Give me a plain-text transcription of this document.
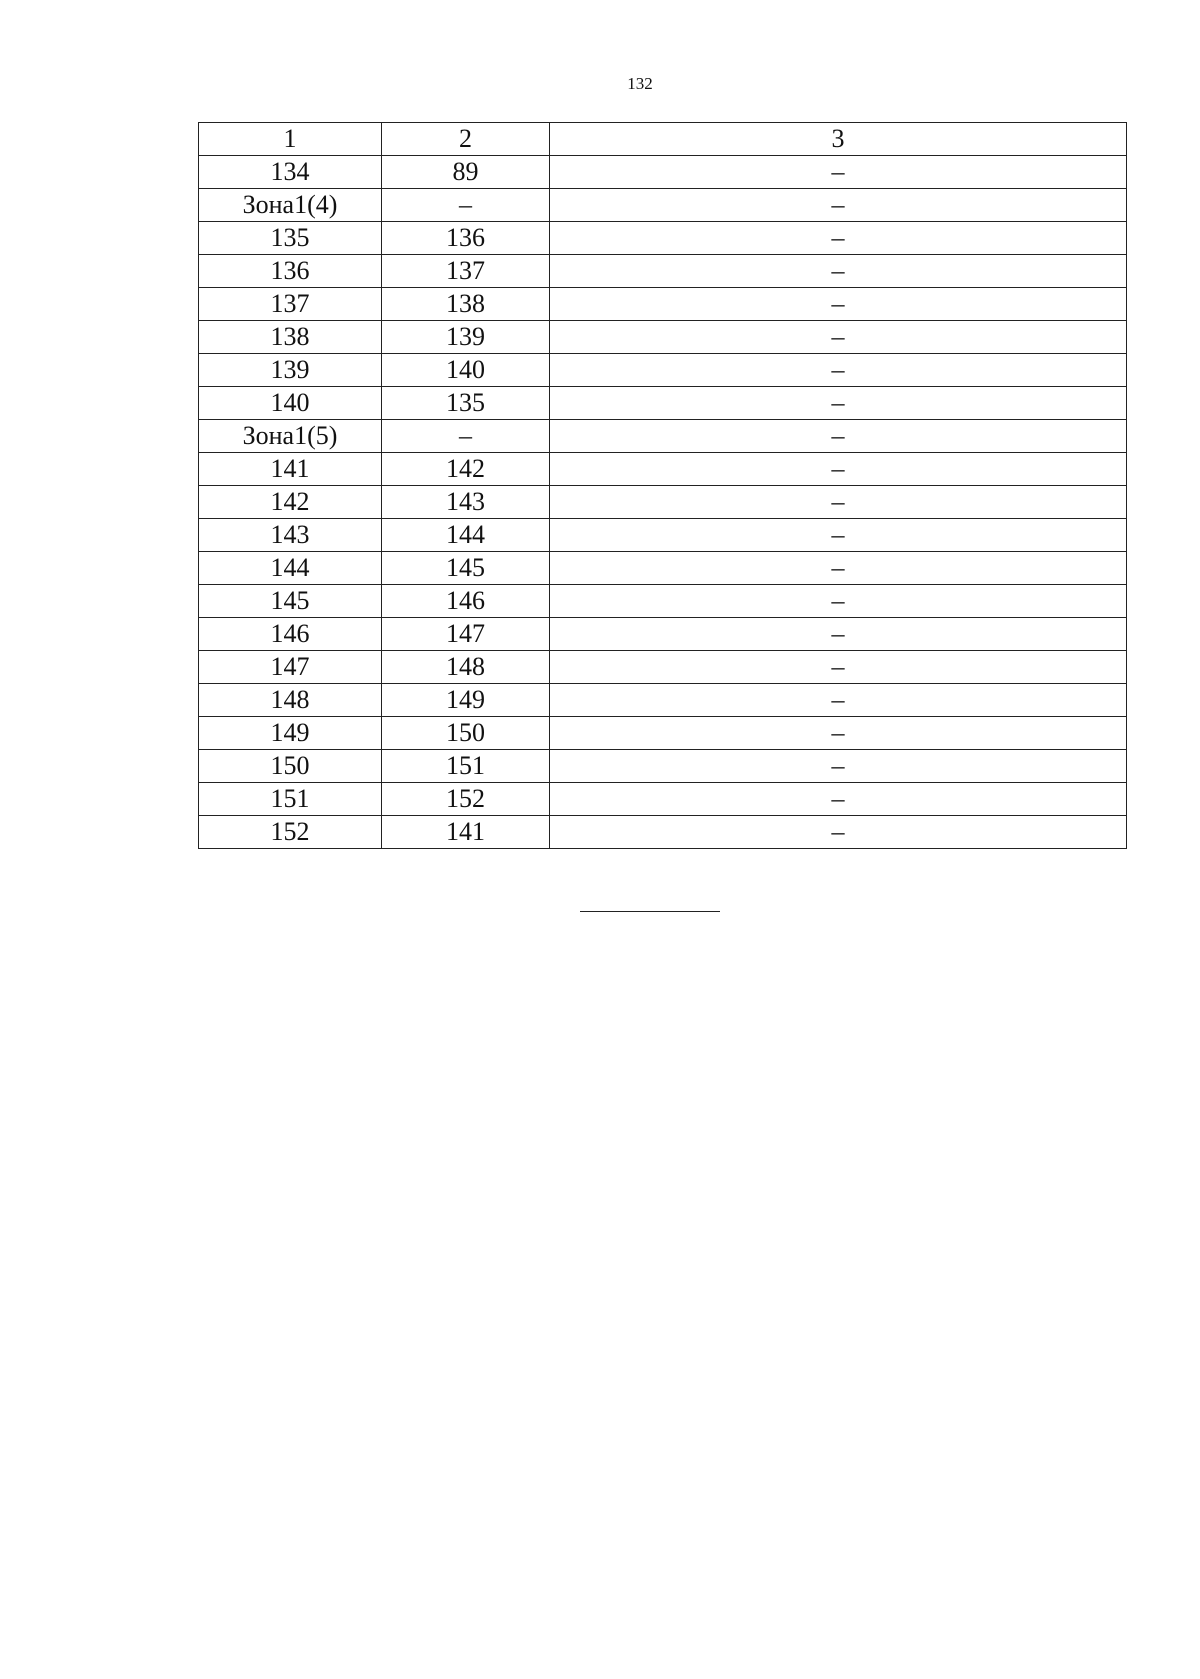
132
1	2	3
134	89	–
Зона1(4)	–	–
135	136	–
136	137	–
137	138	–
138	139	–
139	140	–
140	135	–
Зона1(5)	–	–
141	142	–
142	143	–
143	144	–
144	145	–
145	146	–
146	147	–
147	148	–
148	149	–
149	150	–
150	151	–
151	152	–
152	141	–
